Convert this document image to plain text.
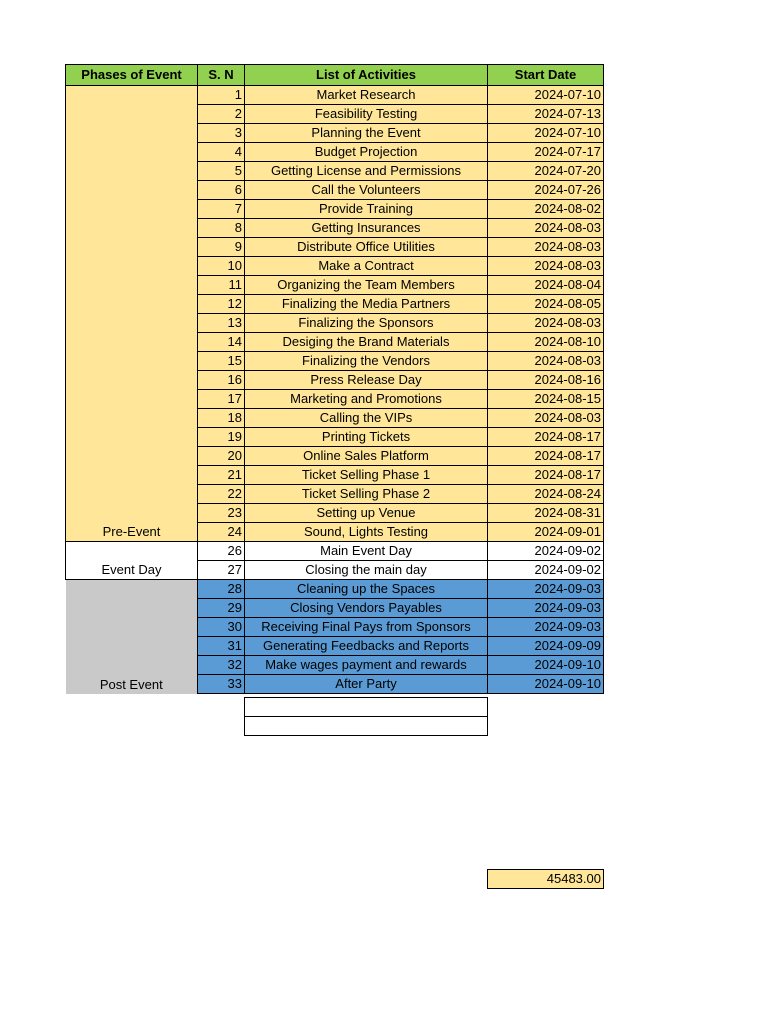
Phases of Event	S. N	List of Activities	Start Date
Pre-Event	1	Market Research	2024-07-10
	2	Feasibility Testing	2024-07-13
	3	Planning the Event	2024-07-10
	4	Budget Projection	2024-07-17
	5	Getting License and Permissions	2024-07-20
	6	Call the Volunteers	2024-07-26
	7	Provide Training	2024-08-02
	8	Getting Insurances	2024-08-03
	9	Distribute Office Utilities	2024-08-03
	10	Make a Contract	2024-08-03
	11	Organizing the Team Members	2024-08-04
	12	Finalizing the Media Partners	2024-08-05
	13	Finalizing the Sponsors	2024-08-03
	14	Desiging the Brand Materials	2024-08-10
	15	Finalizing the Vendors	2024-08-03
	16	Press Release Day	2024-08-16
	17	Marketing and Promotions	2024-08-15
	18	Calling the VIPs	2024-08-03
	19	Printing Tickets	2024-08-17
	20	Online Sales Platform	2024-08-17
	21	Ticket Selling Phase 1	2024-08-17
	22	Ticket Selling Phase 2	2024-08-24
	23	Setting up Venue	2024-08-31
	24	Sound, Lights Testing	2024-09-01
Event Day	26	Main Event Day	2024-09-02
	27	Closing the main day	2024-09-02
Post Event	28	Cleaning up the Spaces	2024-09-03
	29	Closing Vendors Payables	2024-09-03
	30	Receiving Final Pays from Sponsors	2024-09-03
	31	Generating Feedbacks and Reports	2024-09-09
	32	Make wages payment and rewards	2024-09-10
	33	After Party	2024-09-10

45483.00
